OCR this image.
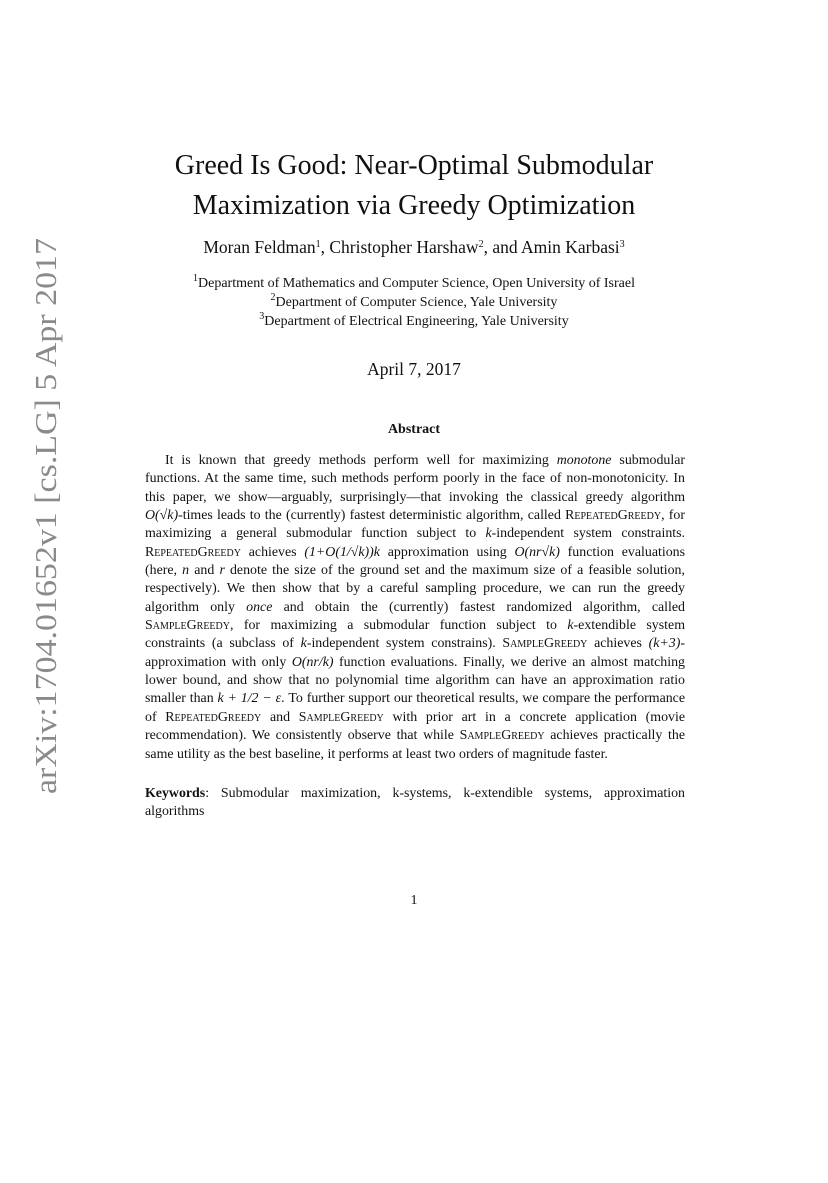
arXiv:1704.01652v1 [cs.LG] 5 Apr 2017
Greed Is Good: Near-Optimal Submodular
Maximization via Greedy Optimization
Moran Feldman$^1$, Christopher Harshaw$^2$, and Amin Karbasi$^3$
$^1$Department of Mathematics and Computer Science, Open University of Israel
$^2$Department of Computer Science, Yale University
$^3$Department of Electrical Engineering, Yale University
April 7, 2017
Abstract

It is known that greedy methods perform well for maximizing monotone submodular functions. At the same time, such methods perform poorly in the face of non-monotonicity. In this paper, we show—arguably, surprisingly—that invoking the classical greedy algorithm O(√k)-times leads to the (currently) fastest deterministic algorithm, called RepeatedGreedy, for maximizing a general submodular function subject to k-independent system constraints. RepeatedGreedy achieves (1+O(1/√k))k approximation using O(nr√k) function evaluations (here, n and r denote the size of the ground set and the maximum size of a feasible solution, respectively). We then show that by a careful sampling procedure, we can run the greedy algorithm only once and obtain the (currently) fastest randomized algorithm, called SampleGreedy, for maximizing a submodular function subject to k-extendible system constraints (a subclass of k-independent system constrains). SampleGreedy achieves (k+3)-approximation with only O(nr/k) function evaluations. Finally, we derive an almost matching lower bound, and show that no polynomial time algorithm can have an approximation ratio smaller than k + 1/2 − ε. To further support our theoretical results, we compare the performance of RepeatedGreedy and SampleGreedy with prior art in a concrete application (movie recommendation). We consistently observe that while SampleGreedy achieves practically the same utility as the best baseline, it performs at least two orders of magnitude faster.

Keywords: Submodular maximization, k-systems, k-extendible systems, approximation algorithms

1
